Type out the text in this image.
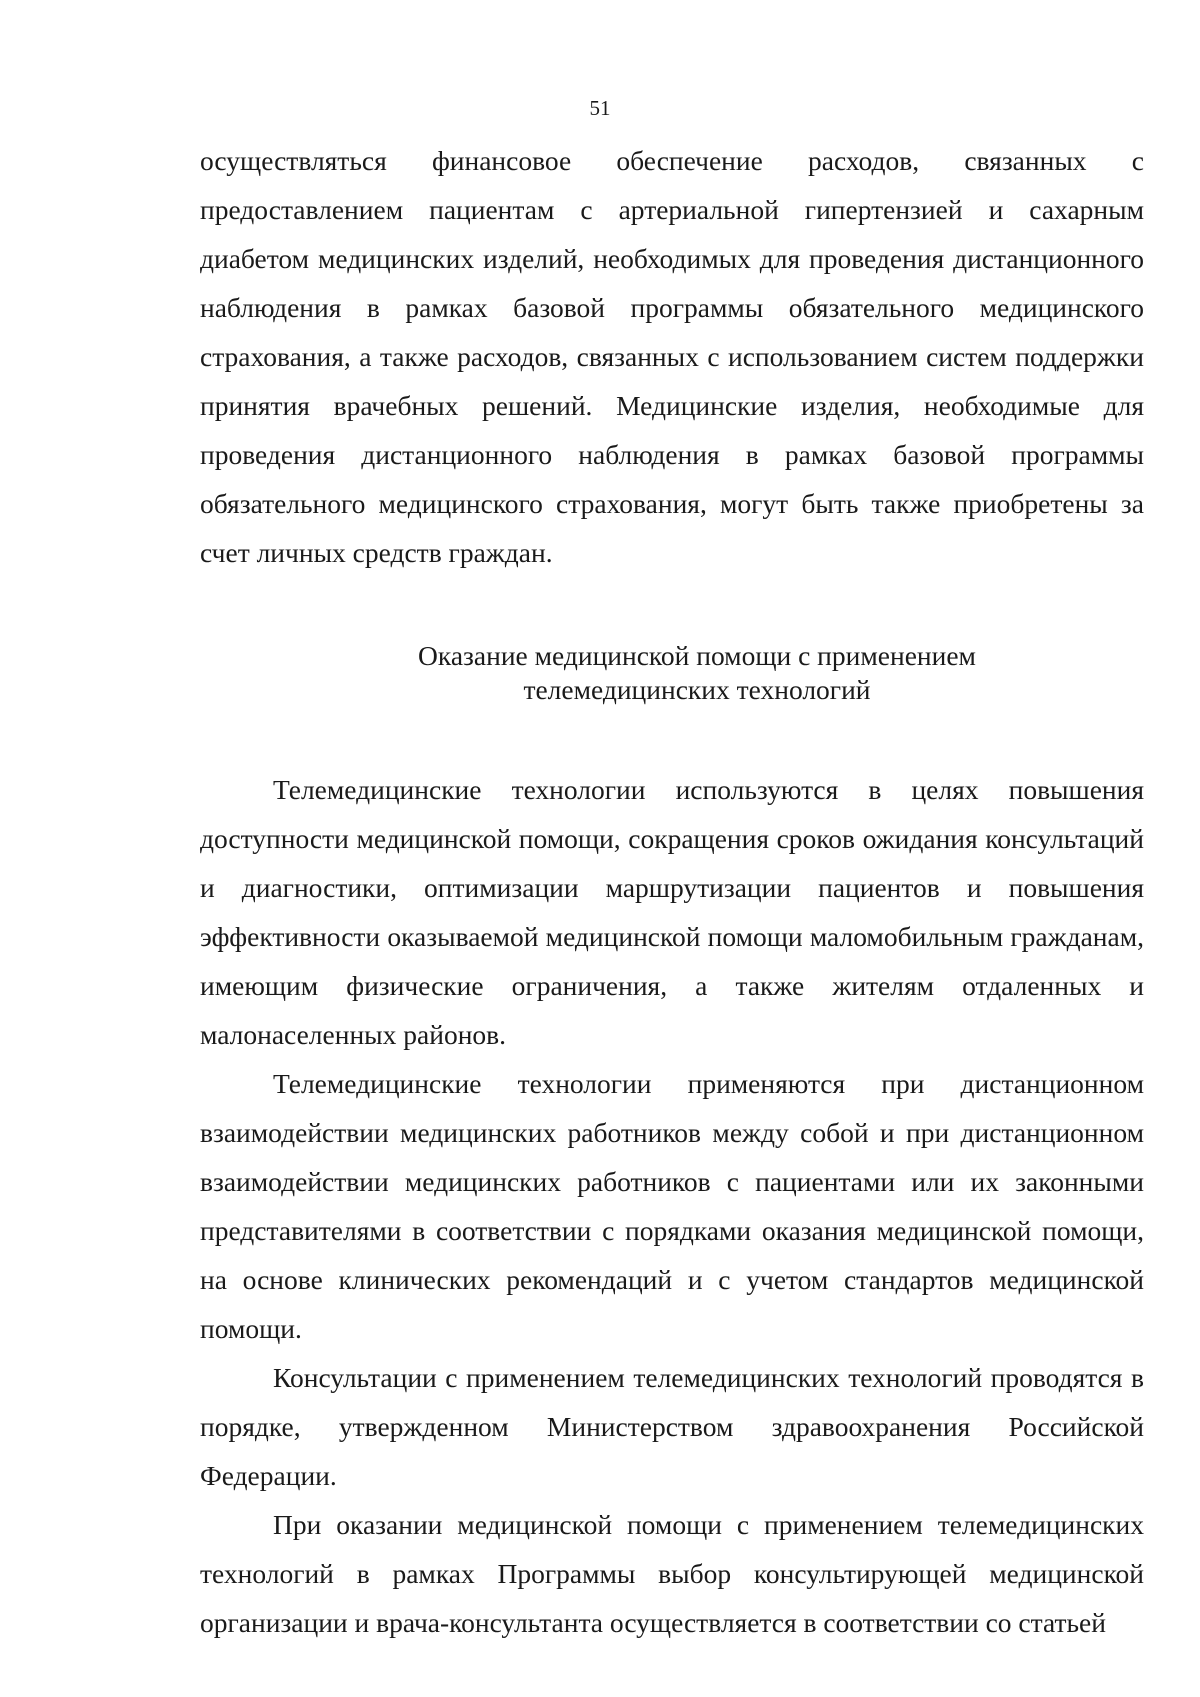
51

осуществляться финансовое обеспечение расходов, связанных с предоставлением пациентам с артериальной гипертензией и сахарным диабетом медицинских изделий, необходимых для проведения дистанционного наблюдения в рамках базовой программы обязательного медицинского страхования, а также расходов, связанных с использованием систем поддержки принятия врачебных решений. Медицинские изделия, необходимые для проведения дистанционного наблюдения в рамках базовой программы обязательного медицинского страхования, могут быть также приобретены за счет личных средств граждан.

Оказание медицинской помощи с применением
телемедицинских технологий

Телемедицинские технологии используются в целях повышения доступности медицинской помощи, сокращения сроков ожидания консультаций и диагностики, оптимизации маршрутизации пациентов и повышения эффективности оказываемой медицинской помощи маломобильным гражданам, имеющим физические ограничения, а также жителям отдаленных и малонаселенных районов.

Телемедицинские технологии применяются при дистанционном взаимодействии медицинских работников между собой и при дистанционном взаимодействии медицинских работников с пациентами или их законными представителями в соответствии с порядками оказания медицинской помощи, на основе клинических рекомендаций и с учетом стандартов медицинской помощи.

Консультации с применением телемедицинских технологий проводятся в порядке, утвержденном Министерством здравоохранения Российской Федерации.

При оказании медицинской помощи с применением телемедицинских технологий в рамках Программы выбор консультирующей медицинской организации и врача-консультанта осуществляется в соответствии со статьей
